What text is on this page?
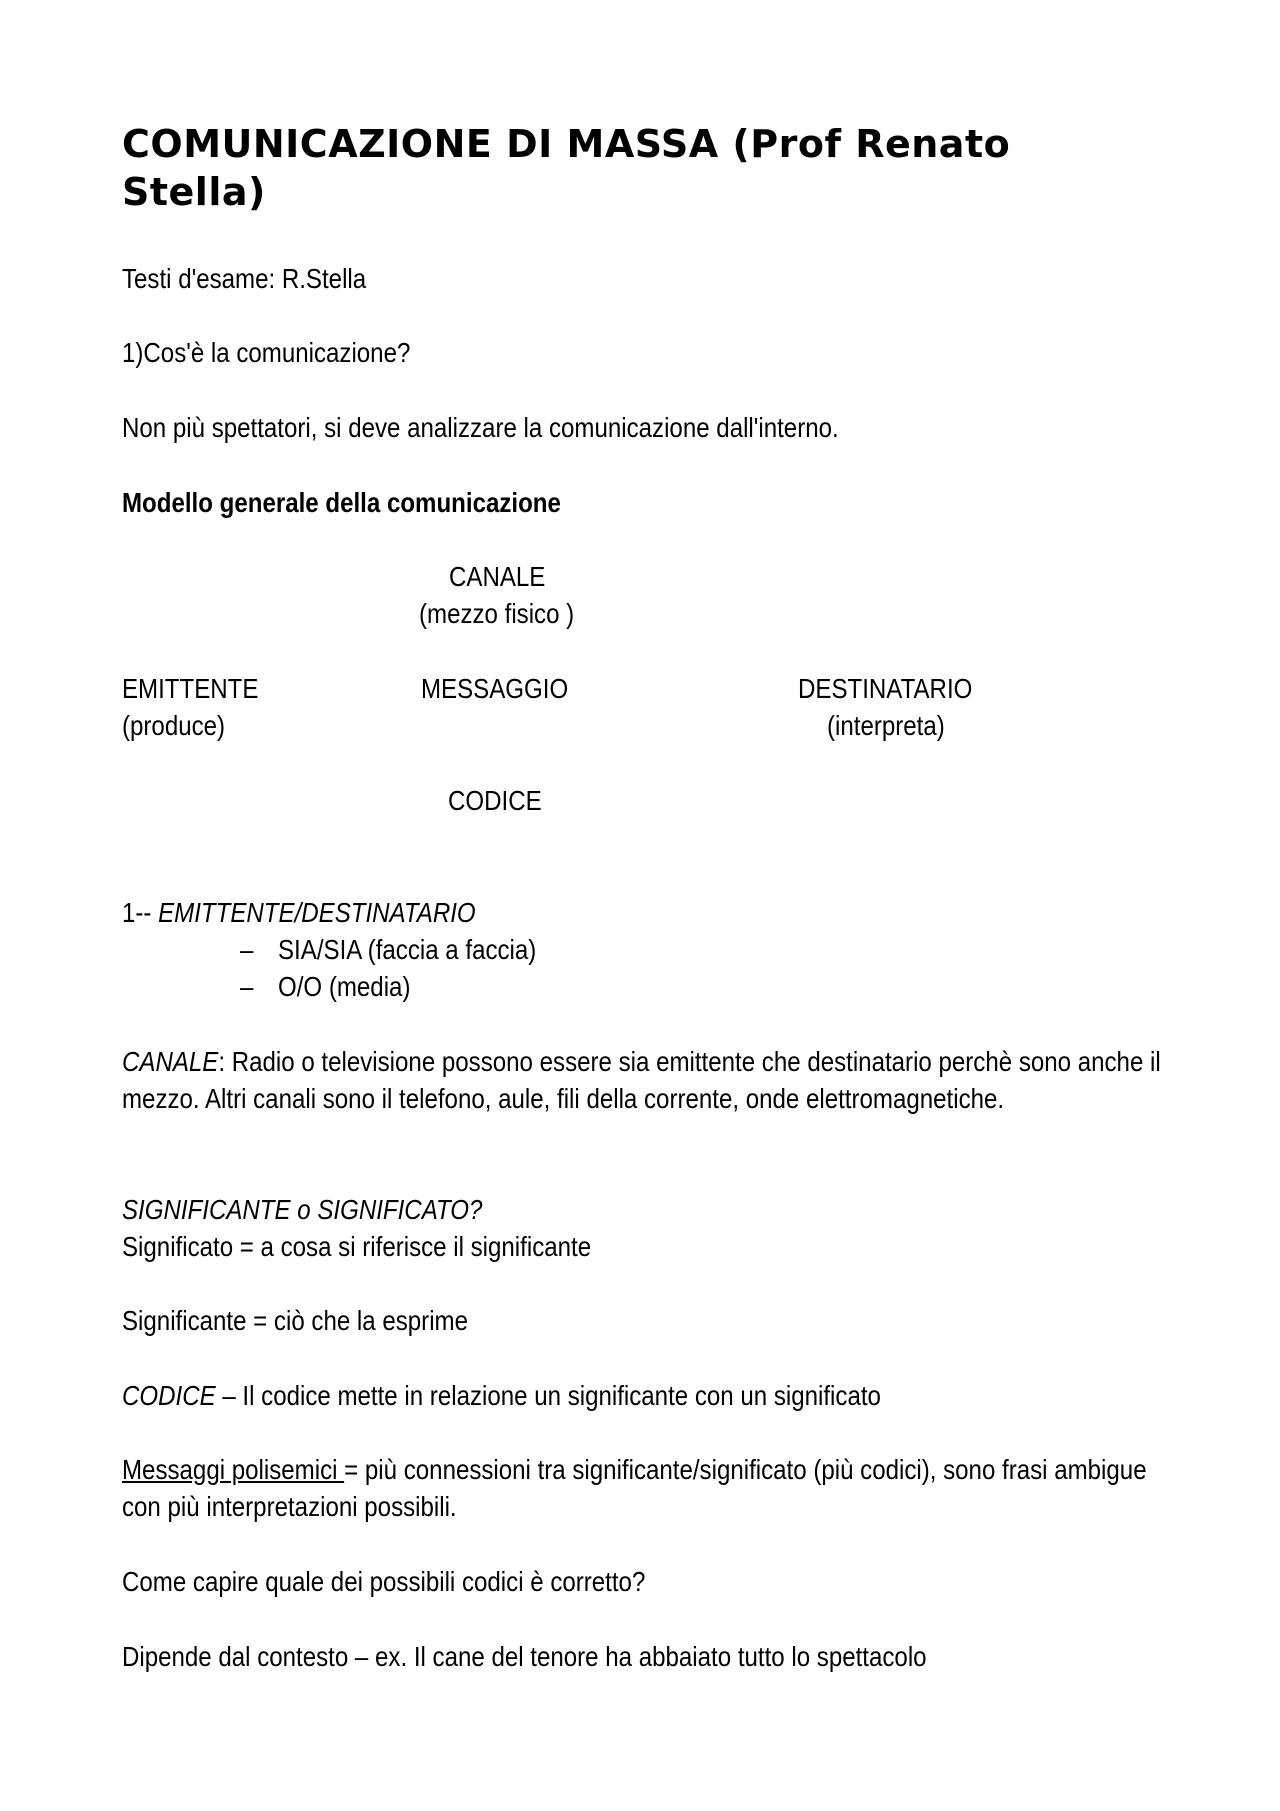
COMUNICAZIONE DI MASSA (Prof Renato Stella)
Testi d'esame: R.Stella
1)Cos'è la comunicazione?
Non più spettatori, si deve analizzare la comunicazione dall'interno.
Modello generale della comunicazione
CANALE
(mezzo fisico )
EMITTENTE	MESSAGGIO	DESTINATARIO
(produce)	(interpreta)
CODICE
1-- EMITTENTE/DESTINATARIO
– SIA/SIA (faccia a faccia)
– O/O (media)
CANALE: Radio o televisione possono essere sia emittente che destinatario perchè sono anche il mezzo. Altri canali sono il telefono, aule, fili della corrente, onde elettromagnetiche.
SIGNIFICANTE o SIGNIFICATO?
Significato = a cosa si riferisce il significante
Significante = ciò che la esprime
CODICE – Il codice mette in relazione un significante con un significato
Messaggi polisemici = più connessioni tra significante/significato (più codici), sono frasi ambigue con più interpretazioni possibili.
Come capire quale dei possibili codici è corretto?
Dipende dal contesto – ex. Il cane del tenore ha abbaiato tutto lo spettacolo
